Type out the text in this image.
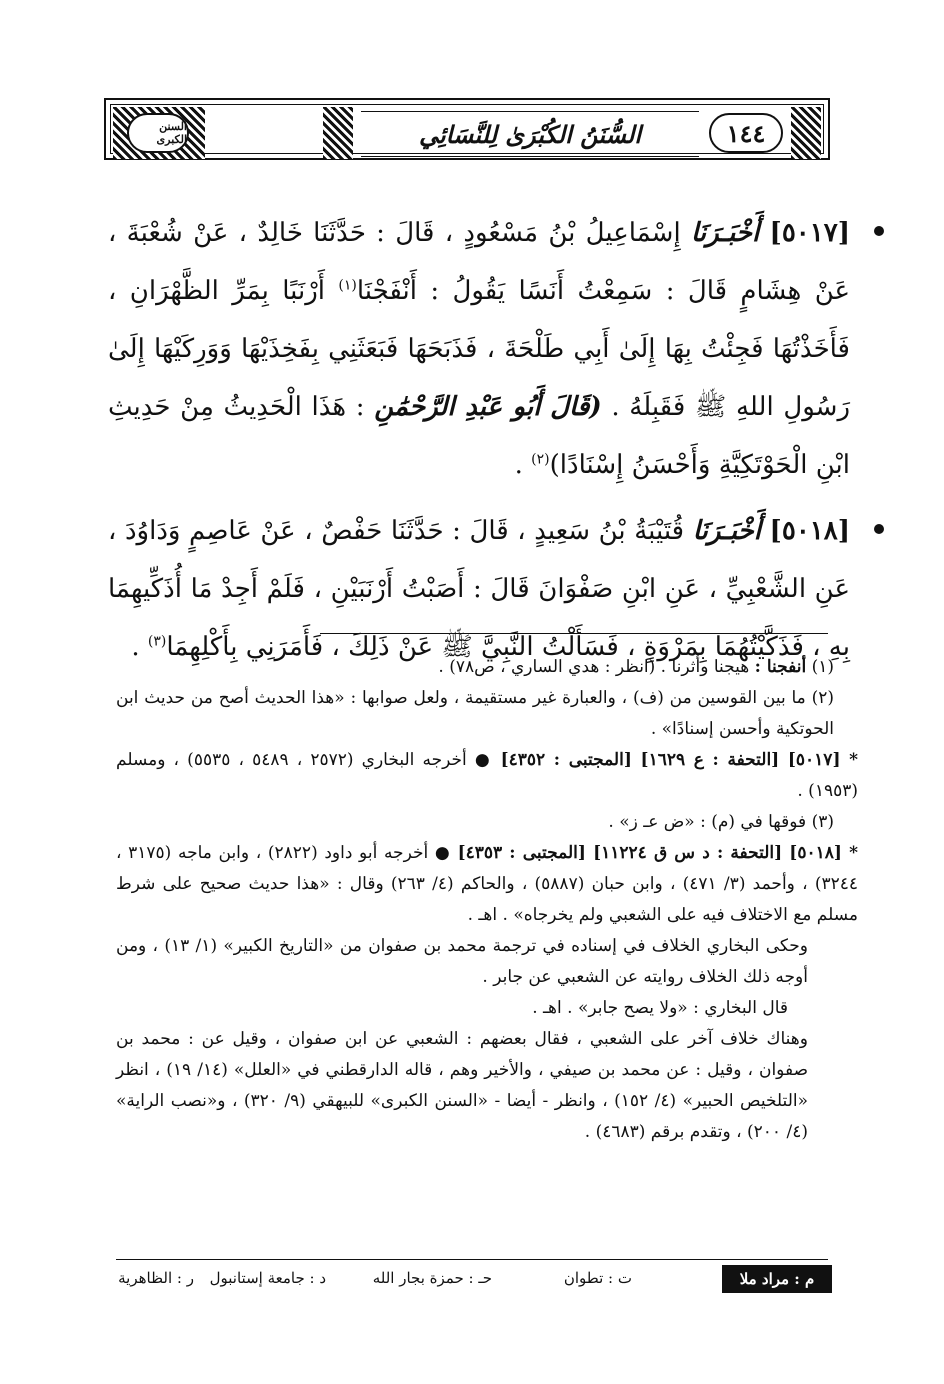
السنن الكبرى	السُّنَنُ الكُبْرَىٰ لِلنَّسَائِي	١٤٤

[٥٠١٧] أَخْبَـرَنَا إِسْمَاعِيلُ بْنُ مَسْعُودٍ ، قَالَ : حَدَّثَنَا خَالِدٌ ، عَنْ شُعْبَةَ ، عَنْ هِشَامٍ قَالَ : سَمِعْتُ أَنَسًا يَقُولُ : أَنْفَجْنَا$^{(١)}$ أَرْنَبًا بِمَرِّ الظَّهْرَانِ ، فَأَخَذْتُهَا فَجِئْتُ بِهَا إِلَىٰ أَبِي طَلْحَةَ ، فَذَبَحَهَا فَبَعَثَنِي بِفَخِذَيْهَا وَوَرِكَيْهَا إِلَىٰ رَسُولِ اللهِ ﷺ فَقَبِلَهُ . (قَالَ أَبُو عَبْدِ الرَّحْمَٰنِ : هَذَا الْحَدِيثُ مِنْ حَدِيثِ ابْنِ الْحَوْتَكِيَّةِ وَأَحْسَنُ إِسْنَادًا)$^{(٢)}$ .

[٥٠١٨] أَخْبَـرَنَا قُتَيْبَةُ بْنُ سَعِيدٍ ، قَالَ : حَدَّثَنَا حَفْصٌ ، عَنْ عَاصِمٍ وَدَاوُدَ ، عَنِ الشَّعْبِيِّ ، عَنِ ابْنِ صَفْوَانَ قَالَ : أَصَبْتُ أَرْنَبَيْنِ ، فَلَمْ أَجِدْ مَا أُذَكِّيهِمَا بِهِ ، فَذَكَّيْتُهُمَا بِمَرْوَةٍ ، فَسَأَلْتُ النَّبِيَّ ﷺ عَنْ ذَلِكَ ، فَأَمَرَنِي بِأَكْلِهِمَا$^{(٣)}$ .

(١) أنفجنا : هيجنا وأثرنا . (انظر : هدي الساري ، ص٧٨) .

(٢) ما بين القوسين من (ف) ، والعبارة غير مستقيمة ، ولعل صوابها : «هذا الحديث أصح من حديث ابن الحوتكية وأحسن إسنادًا» .

* [٥٠١٧] [التحفة : ع ١٦٢٩] [المجتبى : ٤٣٥٢] ● أخرجه البخاري (٢٥٧٢ ، ٥٤٨٩ ، ٥٥٣٥) ، ومسلم (١٩٥٣) .

(٣) فوقها في (م) : «ض عـ ز» .

* [٥٠١٨] [التحفة : د س ق ١١٢٢٤] [المجتبى : ٤٣٥٣] ● أخرجه أبو داود (٢٨٢٢) ، وابن ماجه (٣١٧٥ ، ٣٢٤٤) ، وأحمد (٣/ ٤٧١) ، وابن حبان (٥٨٨٧) ، والحاكم (٤/ ٢٦٣) وقال : «هذا حديث صحيح على شرط مسلم مع الاختلاف فيه على الشعبي ولم يخرجاه» . اهـ .

وحكى البخاري الخلاف في إسناده في ترجمة محمد بن صفوان من «التاريخ الكبير» (١/ ١٣) ، ومن أوجه ذلك الخلاف روايته عن الشعبي عن جابر .

قال البخاري : «ولا يصح جابر» . اهـ .

وهناك خلاف آخر على الشعبي ، فقال بعضهم : الشعبي عن ابن صفوان ، وقيل عن : محمد بن صفوان ، وقيل : عن محمد بن صيفي ، والأخير وهم ، قاله الدارقطني في «العلل» (١٤/ ١٩) ، انظر «التلخيص الحبير» (٤/ ١٥٢) ، وانظر - أيضا - «السنن الكبرى» للبيهقي (٩/ ٣٢٠) ، و«نصب الراية» (٤/ ٢٠٠) ، وتقدم برقم (٤٦٨٣) .

م : مراد ملا
ت : تطوان
حـ : حمزة بجار الله
د : جامعة إستانبول
ر : الظاهرية
